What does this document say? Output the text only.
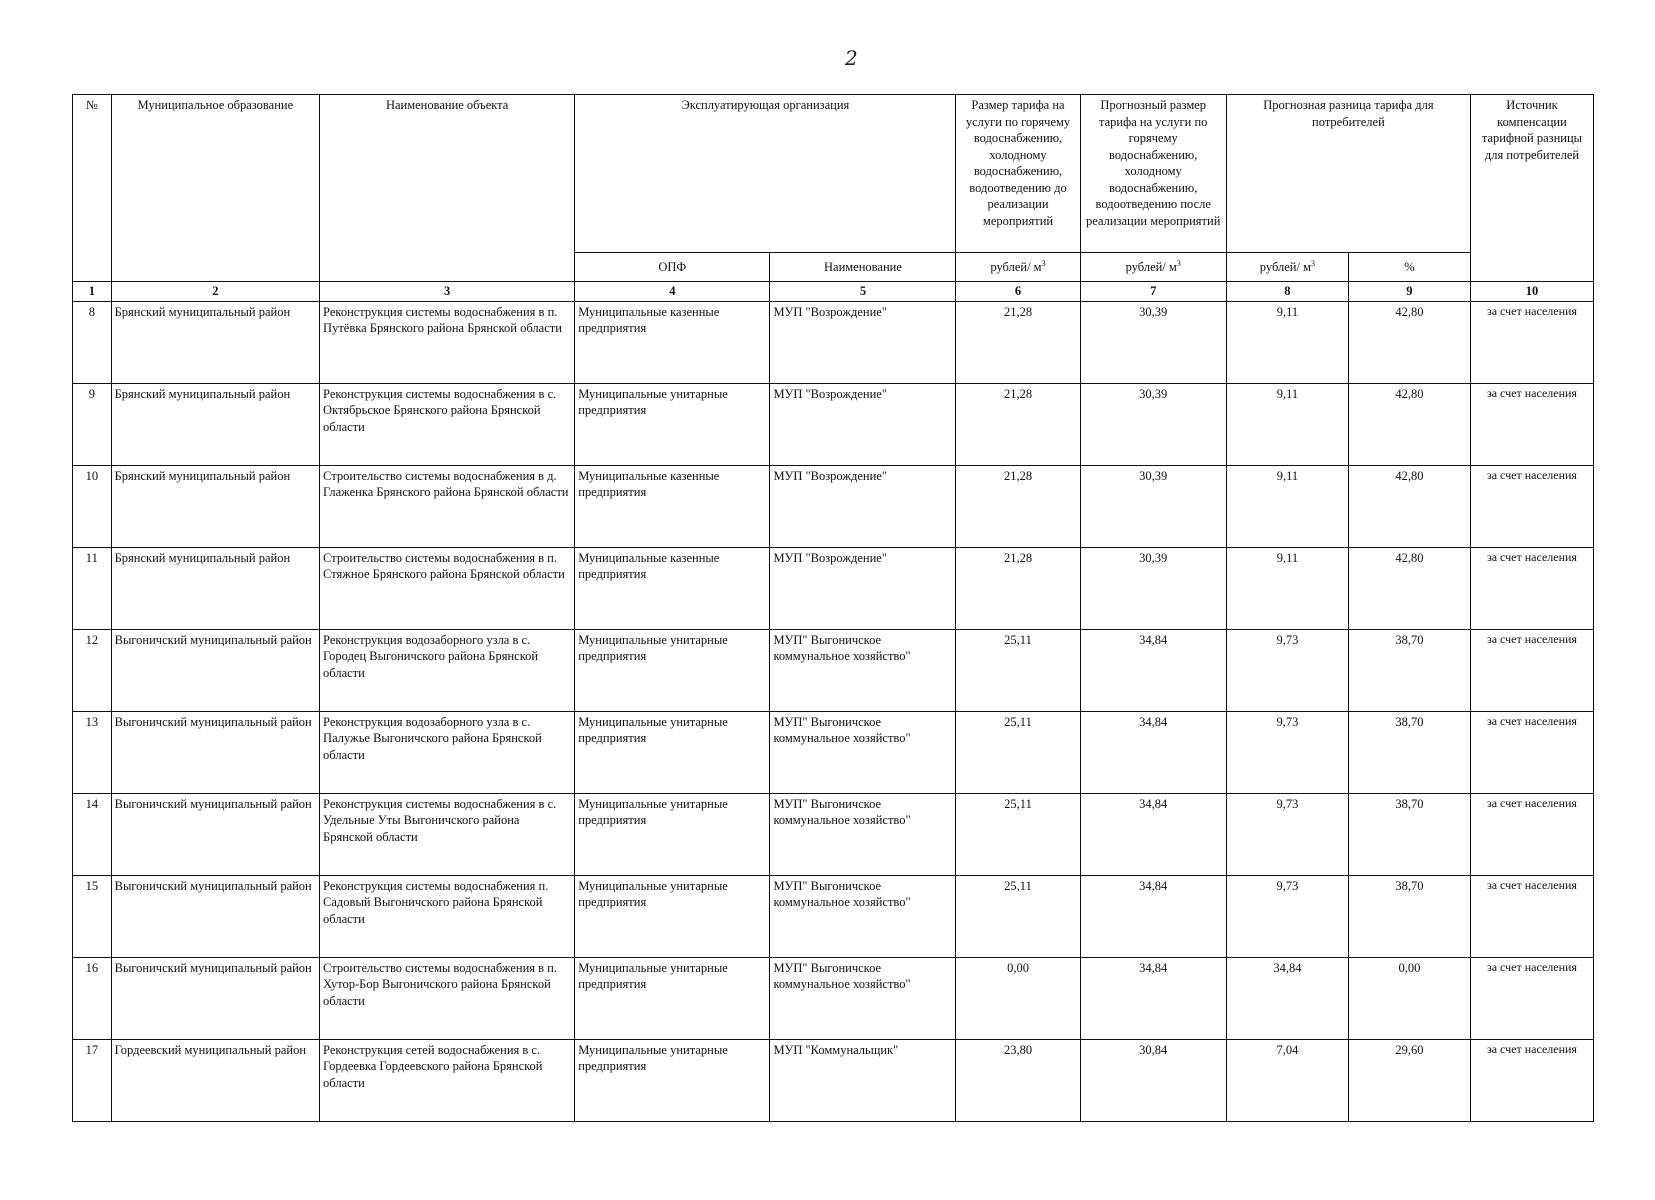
2
№	Муниципальное образование	Наименование объекта	Эксплуатирующая организация		Размер тарифа на услуги по горячему водоснабжению, холодному водоснабжению, водоотведению до реализации мероприятий	Прогнозный размер тарифа на услуги по горячему водоснабжению, холодному водоснабжению, водоотведению после реализации мероприятий	Прогнозная разница тарифа для потребителей		Источник компенсации тарифной разницы для потребителей
			ОПФ	Наименование	рублей/ $м^3$	рублей/ $м^3$	рублей/ $м^3$	%	
1	2	3	4	5	6	7	8	9	10
8	Брянский муниципальный район	Реконструкция системы водоснабжения в п. Путёвка Брянского района Брянской области	Муниципальные казенные предприятия	МУП "Возрождение"	21,28	30,39	9,11	42,80	за счет населения
9	Брянский муниципальный район	Реконструкция системы водоснабжения в с. Октябрьское Брянского района Брянской области	Муниципальные унитарные предприятия	МУП "Возрождение"	21,28	30,39	9,11	42,80	за счет населения
10	Брянский муниципальный район	Строительство системы водоснабжения в д. Глаженка Брянского района Брянской области	Муниципальные казенные предприятия	МУП "Возрождение"	21,28	30,39	9,11	42,80	за счет населения
11	Брянский муниципальный район	Строительство системы водоснабжения в п. Стяжное Брянского района Брянской области	Муниципальные казенные предприятия	МУП "Возрождение"	21,28	30,39	9,11	42,80	за счет населения
12	Выгоничский муниципальный район	Реконструкция водозаборного узла в с. Городец Выгоничского района Брянской области	Муниципальные унитарные предприятия	МУП" Выгоничское коммунальное хозяйство"	25,11	34,84	9,73	38,70	за счет населения
13	Выгоничский муниципальный район	Реконструкция водозаборного узла в с. Палужье Выгоничского района Брянской области	Муниципальные унитарные предприятия	МУП" Выгоничское коммунальное хозяйство"	25,11	34,84	9,73	38,70	за счет населения
14	Выгоничский муниципальный район	Реконструкция системы водоснабжения в с. Удельные Уты Выгоничского района Брянской области	Муниципальные унитарные предприятия	МУП" Выгоничское коммунальное хозяйство"	25,11	34,84	9,73	38,70	за счет населения
15	Выгоничский муниципальный район	Реконструкция системы водоснабжения п. Садовый Выгоничского района Брянской области	Муниципальные унитарные предприятия	МУП" Выгоничское коммунальное хозяйство"	25,11	34,84	9,73	38,70	за счет населения
16	Выгоничский муниципальный район	Строительство системы водоснабжения в п. Хутор-Бор Выгоничского района Брянской области	Муниципальные унитарные предприятия	МУП" Выгоничское коммунальное хозяйство"	0,00	34,84	34,84	0,00	за счет населения
17	Гордеевский муниципальный район	Реконструкция сетей водоснабжения в с. Гордеевка Гордеевского района Брянской области	Муниципальные унитарные предприятия	МУП "Коммунальщик"	23,80	30,84	7,04	29,60	за счет населения
